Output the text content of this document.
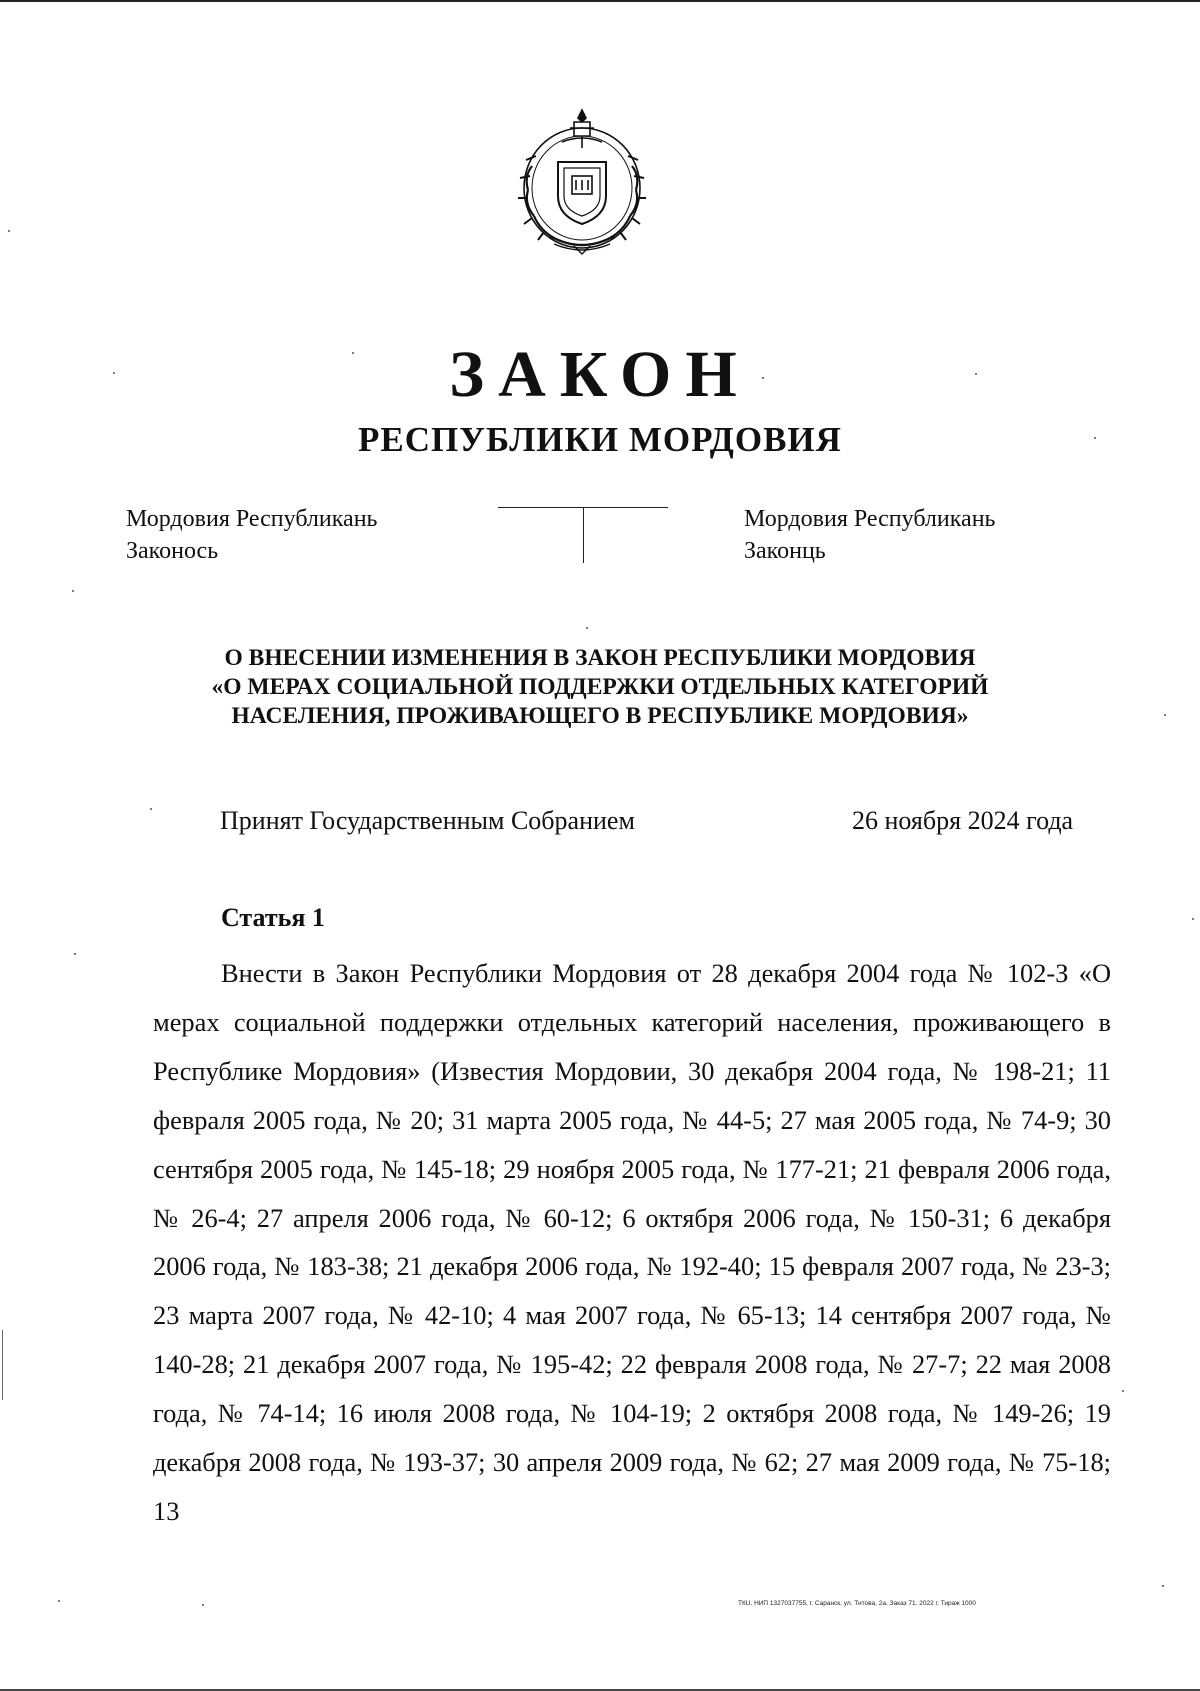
ЗАКОН
РЕСПУБЛИКИ МОРДОВИЯ
Мордовия Республикань
Законось
Мордовия Республикань
Законць
О ВНЕСЕНИИ ИЗМЕНЕНИЯ В ЗАКОН РЕСПУБЛИКИ МОРДОВИЯ
«О МЕРАХ СОЦИАЛЬНОЙ ПОДДЕРЖКИ ОТДЕЛЬНЫХ КАТЕГОРИЙ
НАСЕЛЕНИЯ, ПРОЖИВАЮЩЕГО В РЕСПУБЛИКЕ МОРДОВИЯ»
Принят Государственным Собранием	26 ноября 2024 года
Статья 1

Внести в Закон Республики Мордовия от 28 декабря 2004 года № 102-З «О мерах социальной поддержки отдельных категорий населения, проживающего в Республике Мордовия» (Известия Мордовии, 30 декабря 2004 года, № 198-21; 11 февраля 2005 года, № 20; 31 марта 2005 года, № 44-5; 27 мая 2005 года, № 74-9; 30 сентября 2005 года, № 145-18; 29 ноября 2005 года, № 177-21; 21 февраля 2006 года, № 26-4; 27 апреля 2006 года, № 60-12; 6 октября 2006 года, № 150-31; 6 декабря 2006 года, № 183-38; 21 декабря 2006 года, № 192-40; 15 февраля 2007 года, № 23-3; 23 марта 2007 года, № 42-10; 4 мая 2007 года, № 65-13; 14 сентября 2007 года, № 140-28; 21 декабря 2007 года, № 195-42; 22 февраля 2008 года, № 27-7; 22 мая 2008 года, № 74-14; 16 июля 2008 года, № 104-19; 2 октября 2008 года, № 149-26; 19 декабря 2008 года, № 193-37; 30 апреля 2009 года, № 62; 27 мая 2009 года, № 75-18; 13

ТКU. НИП 1327037755, г. Саранск, ул. Титова, 2а. Заказ 71. 2022 г. Тираж 1000
